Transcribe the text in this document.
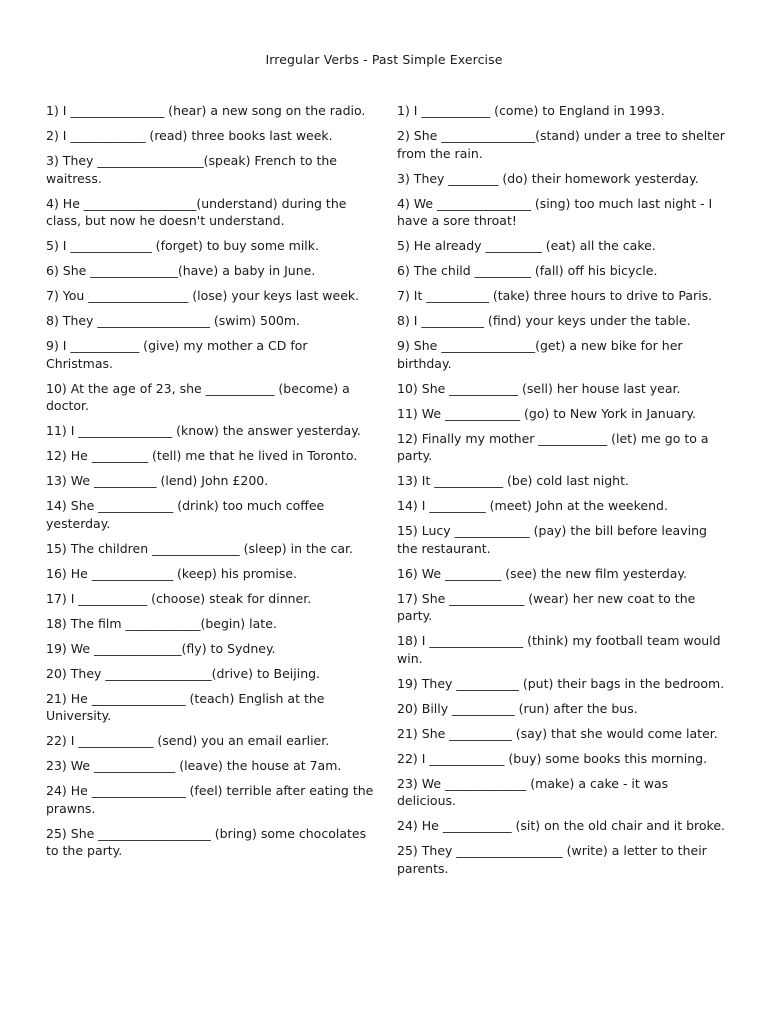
Irregular Verbs - Past Simple Exercise
1) I _______________ (hear) a new song on the radio.
2) I ____________ (read) three books last week.
3) They _________________(speak) French to the waitress.
4) He __________________(understand) during the class, but now he doesn't understand.
5) I _____________ (forget) to buy some milk.
6) She ______________(have) a baby in June.
7) You ________________ (lose) your keys last week.
8) They __________________ (swim) 500m.
9) I ___________ (give) my mother a CD for Christmas.
10) At the age of 23, she ___________ (become) a doctor.
11) I _______________ (know) the answer yesterday.
12) He _________ (tell) me that he lived in Toronto.
13) We __________ (lend) John £200.
14) She ____________ (drink) too much coffee yesterday.
15) The children ______________ (sleep) in the car.
16) He _____________ (keep) his promise.
17) I ___________ (choose) steak for dinner.
18) The film ____________(begin) late.
19) We ______________(fly) to Sydney.
20) They _________________(drive) to Beijing.
21) He _______________ (teach) English at the University.
22) I ____________ (send) you an email earlier.
23) We _____________ (leave) the house at 7am.
24) He _______________ (feel) terrible after eating the prawns.
25) She __________________ (bring) some chocolates to the party.
1) I ___________ (come) to England in 1993.
2) She _______________(stand) under a tree to shelter from the rain.
3) They ________ (do) their homework yesterday.
4) We _______________ (sing) too much last night - I have a sore throat!
5) He already _________ (eat) all the cake.
6) The child _________ (fall) off his bicycle.
7) It __________ (take) three hours to drive to Paris.
8) I __________ (find) your keys under the table.
9) She _______________(get) a new bike for her birthday.
10) She ___________ (sell) her house last year.
11) We ____________ (go) to New York in January.
12) Finally my mother ___________ (let) me go to a party.
13) It ___________ (be) cold last night.
14) I _________ (meet) John at the weekend.
15) Lucy ____________ (pay) the bill before leaving the restaurant.
16) We _________ (see) the new film yesterday.
17) She ____________ (wear) her new coat to the party.
18) I _______________ (think) my football team would win.
19) They __________ (put) their bags in the bedroom.
20) Billy __________ (run) after the bus.
21) She __________ (say) that she would come later.
22) I ____________ (buy) some books this morning.
23) We _____________ (make) a cake - it was delicious.
24) He ___________ (sit) on the old chair and it broke.
25) They _________________ (write) a letter to their parents.
